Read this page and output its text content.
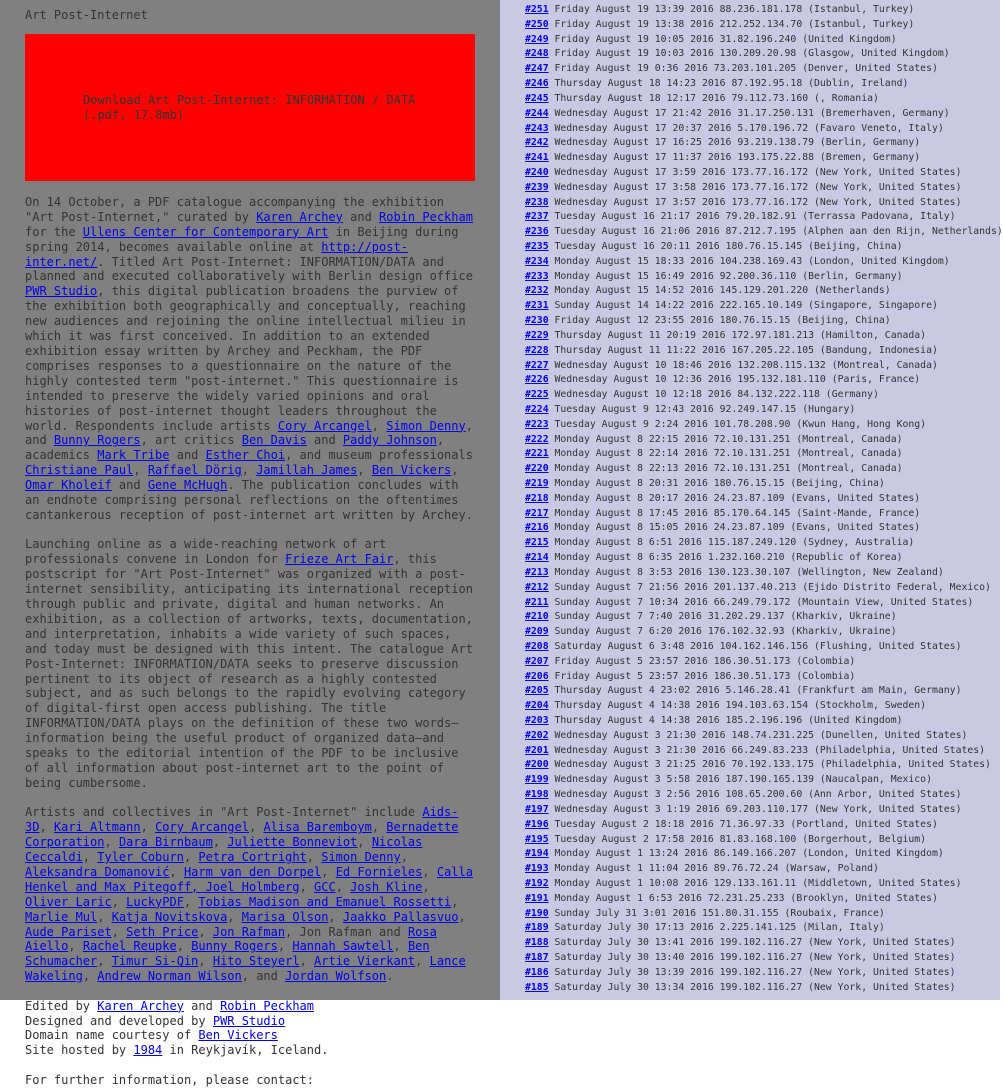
Art Post-Internet
Download Art Post-Internet: INFORMATION / DATA
(.pdf, 17.8mb)

On 14 October, a PDF catalogue accompanying the exhibition "Art Post-Internet," curated by Karen Archey and Robin Peckham for the Ullens Center for Contemporary Art in Beijing during spring 2014, becomes available online at http://post-inter.net/. Titled Art Post-Internet: INFORMATION/DATA and planned and executed collaboratively with Berlin design office PWR Studio, this digital publication broadens the purview of the exhibition both geographically and conceptually, reaching new audiences and rejoining the online intellectual milieu in which it was first conceived. In addition to an extended exhibition essay written by Archey and Peckham, the PDF comprises responses to a questionnaire on the nature of the highly contested term "post-internet." This questionnaire is intended to preserve the widely varied opinions and oral histories of post-internet thought leaders throughout the world. Respondents include artists Cory Arcangel, Simon Denny, and Bunny Rogers, art critics Ben Davis and Paddy Johnson, academics Mark Tribe and Esther Choi, and museum professionals Christiane Paul, Raffael Dörig, Jamillah James, Ben Vickers, Omar Kholeif and Gene McHugh. The publication concludes with an endnote comprising personal reflections on the oftentimes cantankerous reception of post-internet art written by Archey.

Launching online as a wide-reaching network of art professionals convene in London for Frieze Art Fair, this postscript for "Art Post-Internet" was organized with a post-internet sensibility, anticipating its international reception through public and private, digital and human networks. An exhibition, as a collection of artworks, texts, documentation, and interpretation, inhabits a wide variety of such spaces, and today must be designed with this intent. The catalogue Art Post-Internet: INFORMATION/DATA seeks to preserve discussion pertinent to its object of research as a highly contested subject, and as such belongs to the rapidly evolving category of digital-first open access publishing. The title INFORMATION/DATA plays on the definition of these two words—information being the useful product of organized data—and speaks to the editorial intention of the PDF to be inclusive of all information about post-internet art to the point of being cumbersome.

Artists and collectives in "Art Post-Internet" include Aids-3D, Kari Altmann, Cory Arcangel, Alisa Baremboym, Bernadette Corporation, Dara Birnbaum, Juliette Bonneviot, Nicolas Ceccaldi, Tyler Coburn, Petra Cortright, Simon Denny, Aleksandra Domanović, Harm van den Dorpel, Ed Fornieles, Calla Henkel and Max Pitegoff, Joel Holmberg, GCC, Josh Kline, Oliver Laric, LuckyPDF, Tobias Madison and Emanuel Rossetti, Marlie Mul, Katja Novitskova, Marisa Olson, Jaakko Pallasvuo, Aude Pariset, Seth Price, Jon Rafman, Jon Rafman and Rosa Aiello, Rachel Reupke, Bunny Rogers, Hannah Sawtell, Ben Schumacher, Timur Si-Qin, Hito Steyerl, Artie Vierkant, Lance Wakeling, Andrew Norman Wilson, and Jordan Wolfson.

Edited by Karen Archey and Robin Peckham
Designed and developed by PWR Studio
Domain name courtesy of Ben Vickers
Site hosted by 1984 in Reykjavík, Iceland.
For further information, please contact:
#251 Friday August 19 13:39 2016 88.236.181.178 (Istanbul, Turkey)
#250 Friday August 19 13:38 2016 212.252.134.70 (Istanbul, Turkey)
#249 Friday August 19 10:05 2016 31.82.196.240 (United Kingdom)
#248 Friday August 19 10:03 2016 130.209.20.98 (Glasgow, United Kingdom)
#247 Friday August 19 0:36 2016 73.203.101.205 (Denver, United States)
#246 Thursday August 18 14:23 2016 87.192.95.18 (Dublin, Ireland)
#245 Thursday August 18 12:17 2016 79.112.73.160 (, Romania)
#244 Wednesday August 17 21:42 2016 31.17.250.131 (Bremerhaven, Germany)
#243 Wednesday August 17 20:37 2016 5.170.196.72 (Favaro Veneto, Italy)
#242 Wednesday August 17 16:25 2016 93.219.138.79 (Berlin, Germany)
#241 Wednesday August 17 11:37 2016 193.175.22.88 (Bremen, Germany)
#240 Wednesday August 17 3:59 2016 173.77.16.172 (New York, United States)
#239 Wednesday August 17 3:58 2016 173.77.16.172 (New York, United States)
#238 Wednesday August 17 3:57 2016 173.77.16.172 (New York, United States)
#237 Tuesday August 16 21:17 2016 79.20.182.91 (Terrassa Padovana, Italy)
#236 Tuesday August 16 21:06 2016 87.212.7.195 (Alphen aan den Rijn, Netherlands)
#235 Tuesday August 16 20:11 2016 180.76.15.145 (Beijing, China)
#234 Monday August 15 18:33 2016 104.238.169.43 (London, United Kingdom)
#233 Monday August 15 16:49 2016 92.200.36.110 (Berlin, Germany)
#232 Monday August 15 14:52 2016 145.129.201.220 (Netherlands)
#231 Sunday August 14 14:22 2016 222.165.10.149 (Singapore, Singapore)
#230 Friday August 12 23:55 2016 180.76.15.15 (Beijing, China)
#229 Thursday August 11 20:19 2016 172.97.181.213 (Hamilton, Canada)
#228 Thursday August 11 11:22 2016 167.205.22.105 (Bandung, Indonesia)
#227 Wednesday August 10 18:46 2016 132.208.115.132 (Montreal, Canada)
#226 Wednesday August 10 12:36 2016 195.132.181.110 (Paris, France)
#225 Wednesday August 10 12:18 2016 84.132.222.118 (Germany)
#224 Tuesday August 9 12:43 2016 92.249.147.15 (Hungary)
#223 Tuesday August 9 2:24 2016 101.78.208.90 (Kwun Hang, Hong Kong)
#222 Monday August 8 22:15 2016 72.10.131.251 (Montreal, Canada)
#221 Monday August 8 22:14 2016 72.10.131.251 (Montreal, Canada)
#220 Monday August 8 22:13 2016 72.10.131.251 (Montreal, Canada)
#219 Monday August 8 20:31 2016 180.76.15.15 (Beijing, China)
#218 Monday August 8 20:17 2016 24.23.87.109 (Evans, United States)
#217 Monday August 8 17:45 2016 85.170.64.145 (Saint-Mande, France)
#216 Monday August 8 15:05 2016 24.23.87.109 (Evans, United States)
#215 Monday August 8 6:51 2016 115.187.249.120 (Sydney, Australia)
#214 Monday August 8 6:35 2016 1.232.160.210 (Republic of Korea)
#213 Monday August 8 3:53 2016 130.123.30.107 (Wellington, New Zealand)
#212 Sunday August 7 21:56 2016 201.137.40.213 (Ejido Distrito Federal, Mexico)
#211 Sunday August 7 10:34 2016 66.249.79.172 (Mountain View, United States)
#210 Sunday August 7 7:40 2016 31.202.29.137 (Kharkiv, Ukraine)
#209 Sunday August 7 6:20 2016 176.102.32.93 (Kharkiv, Ukraine)
#208 Saturday August 6 3:48 2016 104.162.146.156 (Flushing, United States)
#207 Friday August 5 23:57 2016 186.30.51.173 (Colombia)
#206 Friday August 5 23:57 2016 186.30.51.173 (Colombia)
#205 Thursday August 4 23:02 2016 5.146.28.41 (Frankfurt am Main, Germany)
#204 Thursday August 4 14:38 2016 194.103.63.154 (Stockholm, Sweden)
#203 Thursday August 4 14:38 2016 185.2.196.196 (United Kingdom)
#202 Wednesday August 3 21:30 2016 148.74.231.225 (Dunellen, United States)
#201 Wednesday August 3 21:30 2016 66.249.83.233 (Philadelphia, United States)
#200 Wednesday August 3 21:25 2016 70.192.133.175 (Philadelphia, United States)
#199 Wednesday August 3 5:58 2016 187.190.165.139 (Naucalpan, Mexico)
#198 Wednesday August 3 2:56 2016 108.65.200.60 (Ann Arbor, United States)
#197 Wednesday August 3 1:19 2016 69.203.110.177 (New York, United States)
#196 Tuesday August 2 18:18 2016 71.36.97.33 (Portland, United States)
#195 Tuesday August 2 17:58 2016 81.83.168.100 (Borgerhout, Belgium)
#194 Monday August 1 13:24 2016 86.149.166.207 (London, United Kingdom)
#193 Monday August 1 11:04 2016 89.76.72.24 (Warsaw, Poland)
#192 Monday August 1 10:08 2016 129.133.161.11 (Middletown, United States)
#191 Monday August 1 6:53 2016 72.231.25.233 (Brooklyn, United States)
#190 Sunday July 31 3:01 2016 151.80.31.155 (Roubaix, France)
#189 Saturday July 30 17:13 2016 2.225.141.125 (Milan, Italy)
#188 Saturday July 30 13:41 2016 199.102.116.27 (New York, United States)
#187 Saturday July 30 13:40 2016 199.102.116.27 (New York, United States)
#186 Saturday July 30 13:39 2016 199.102.116.27 (New York, United States)
#185 Saturday July 30 13:34 2016 199.102.116.27 (New York, United States)
